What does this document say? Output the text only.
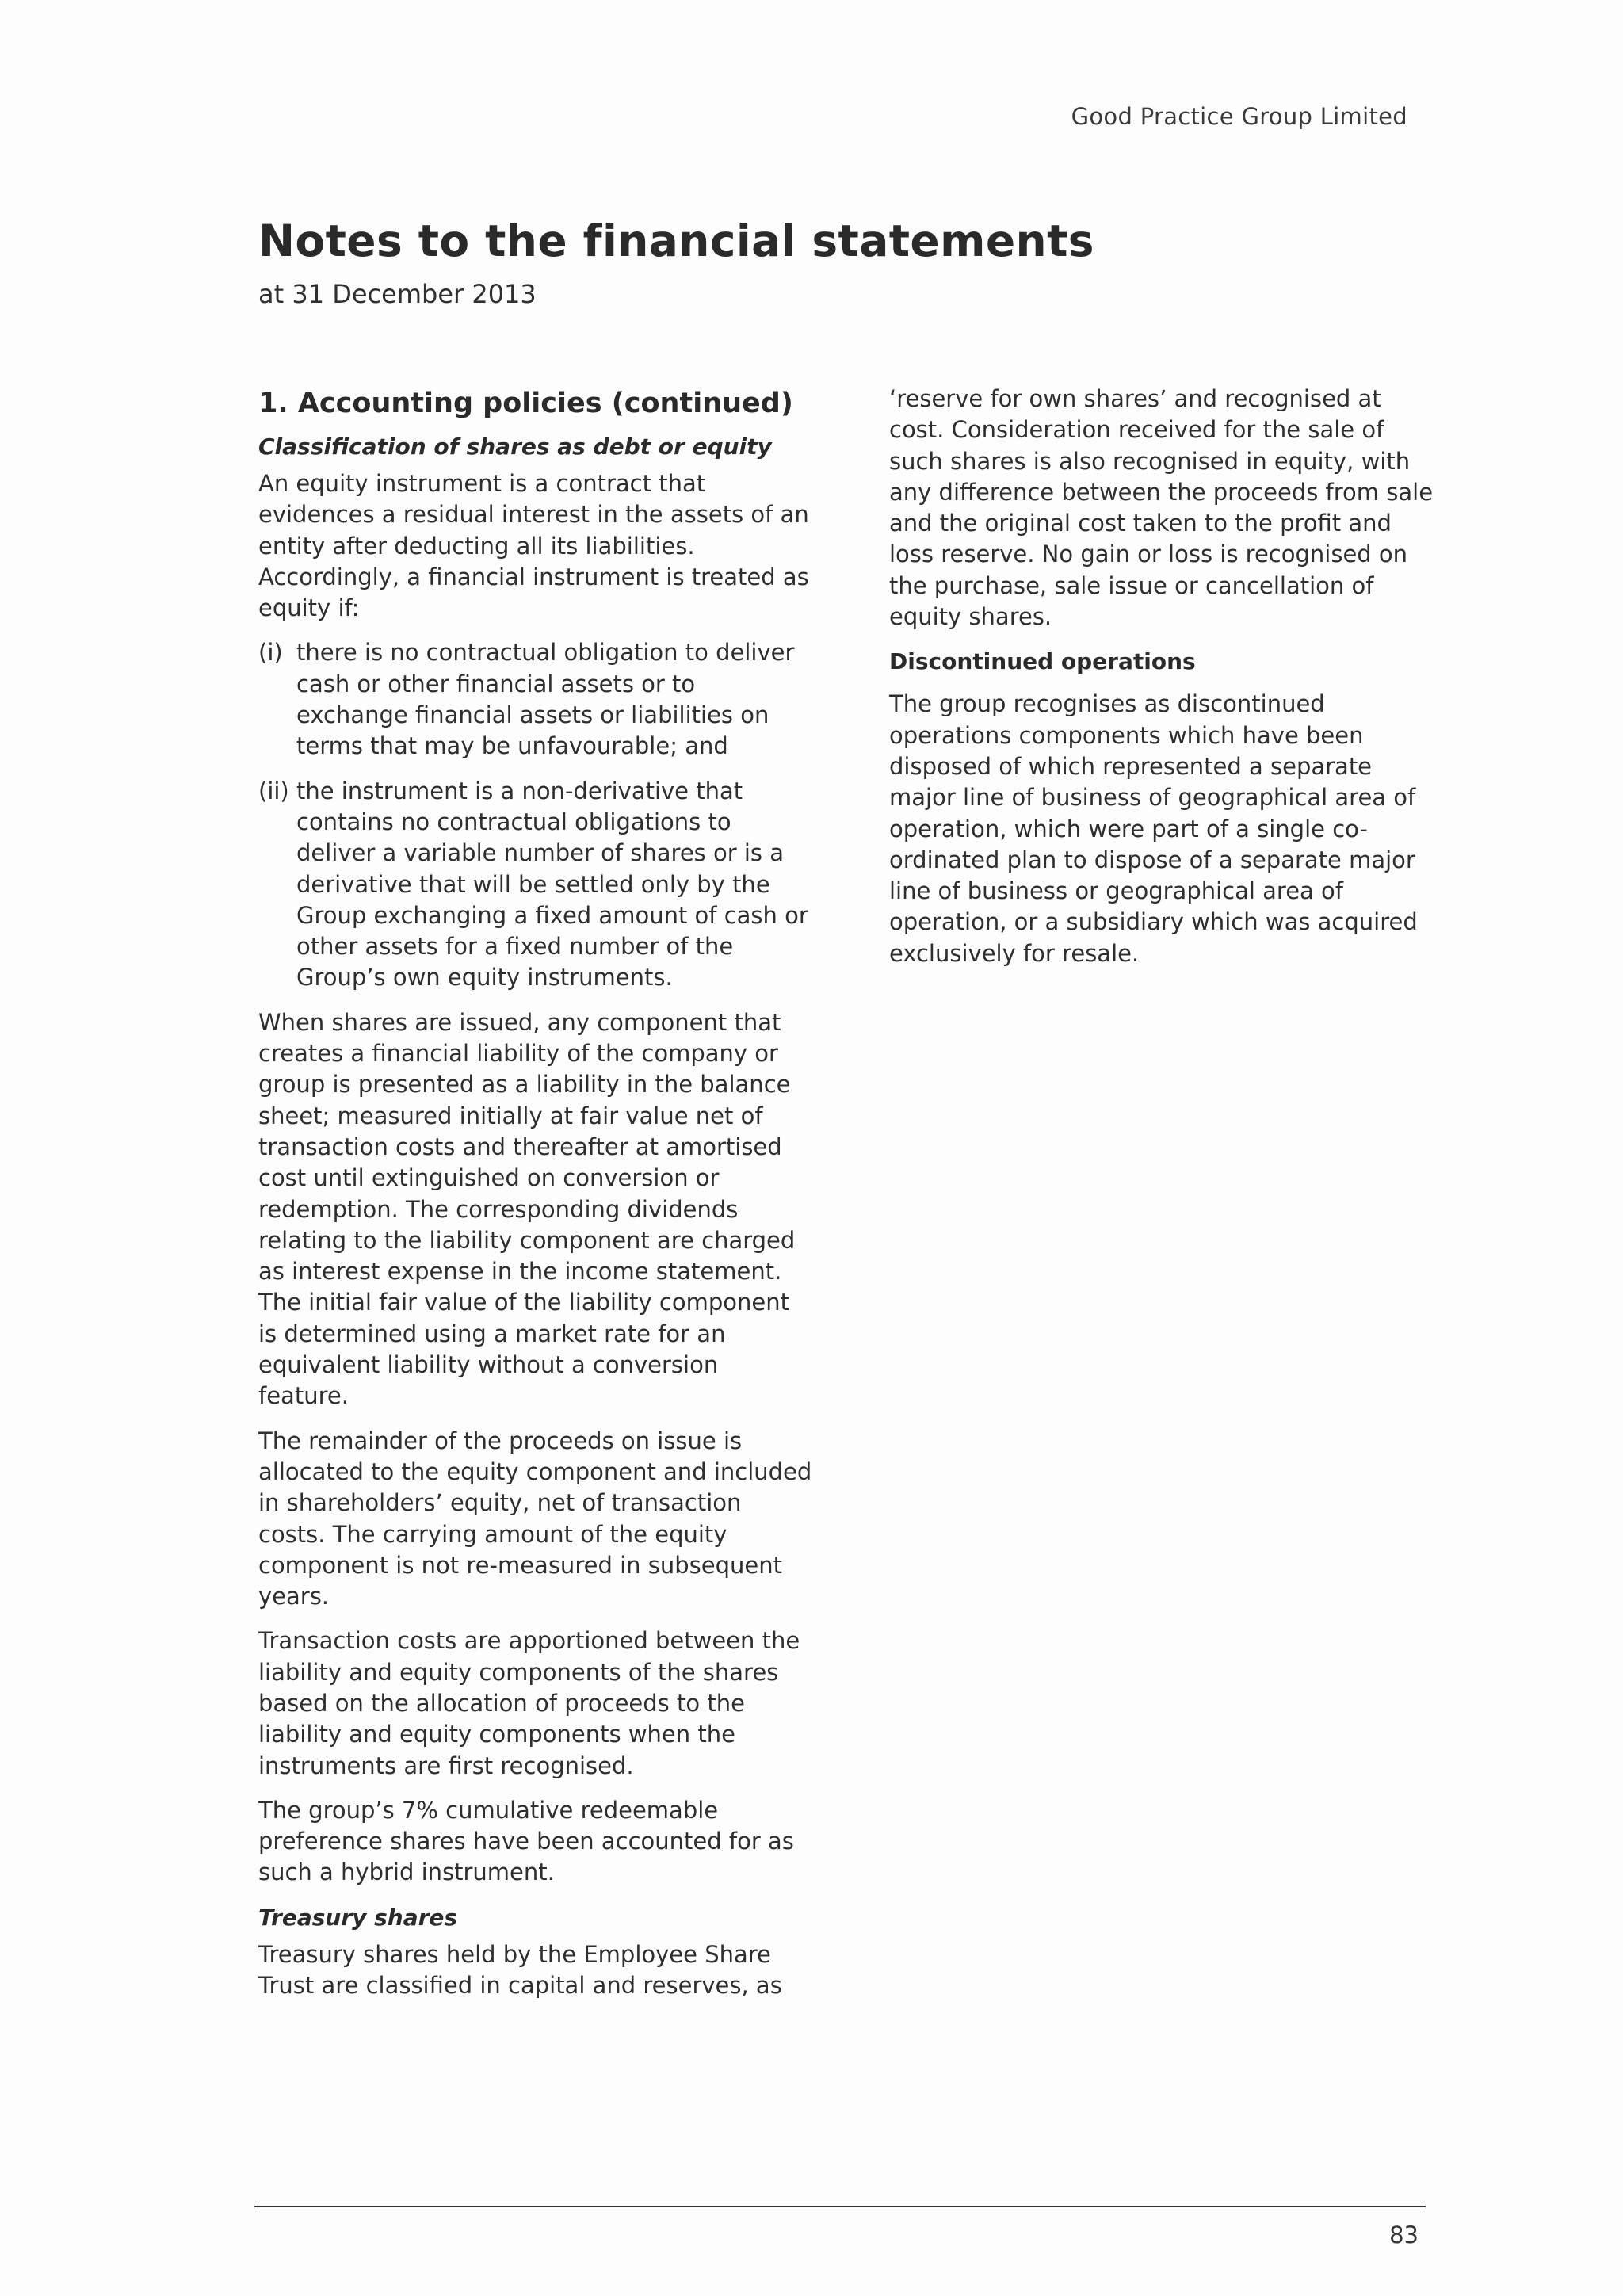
Good Practice Group Limited
Notes to the financial statements
at 31 December 2013
1. Accounting policies (continued)
Classification of shares as debt or equity

An equity instrument is a contract that evidences a residual interest in the assets of an entity after deducting all its liabilities. Accordingly, a financial instrument is treated as equity if:

(i) there is no contractual obligation to deliver cash or other financial assets or to exchange financial assets or liabilities on terms that may be unfavourable; and
(ii) the instrument is a non-derivative that contains no contractual obligations to deliver a variable number of shares or is a derivative that will be settled only by the Group exchanging a fixed amount of cash or other assets for a fixed number of the Group’s own equity instruments.

When shares are issued, any component that creates a financial liability of the company or group is presented as a liability in the balance sheet; measured initially at fair value net of transaction costs and thereafter at amortised cost until extinguished on conversion or redemption. The corresponding dividends relating to the liability component are charged as interest expense in the income statement. The initial fair value of the liability component is determined using a market rate for an equivalent liability without a conversion feature.

The remainder of the proceeds on issue is allocated to the equity component and included in shareholders’ equity, net of transaction costs. The carrying amount of the equity component is not re-measured in subsequent years.

Transaction costs are apportioned between the liability and equity components of the shares based on the allocation of proceeds to the liability and equity components when the instruments are first recognised.

The group’s 7% cumulative redeemable preference shares have been accounted for as such a hybrid instrument.

Treasury shares

Treasury shares held by the Employee Share Trust are classified in capital and reserves, as

‘reserve for own shares’ and recognised at cost. Consideration received for the sale of such shares is also recognised in equity, with any difference between the proceeds from sale and the original cost taken to the profit and loss reserve. No gain or loss is recognised on the purchase, sale issue or cancellation of equity shares.

Discontinued operations

The group recognises as discontinued operations components which have been disposed of which represented a separate major line of business of geographical area of operation, which were part of a single co-ordinated plan to dispose of a separate major line of business or geographical area of operation, or a subsidiary which was acquired exclusively for resale.

83
